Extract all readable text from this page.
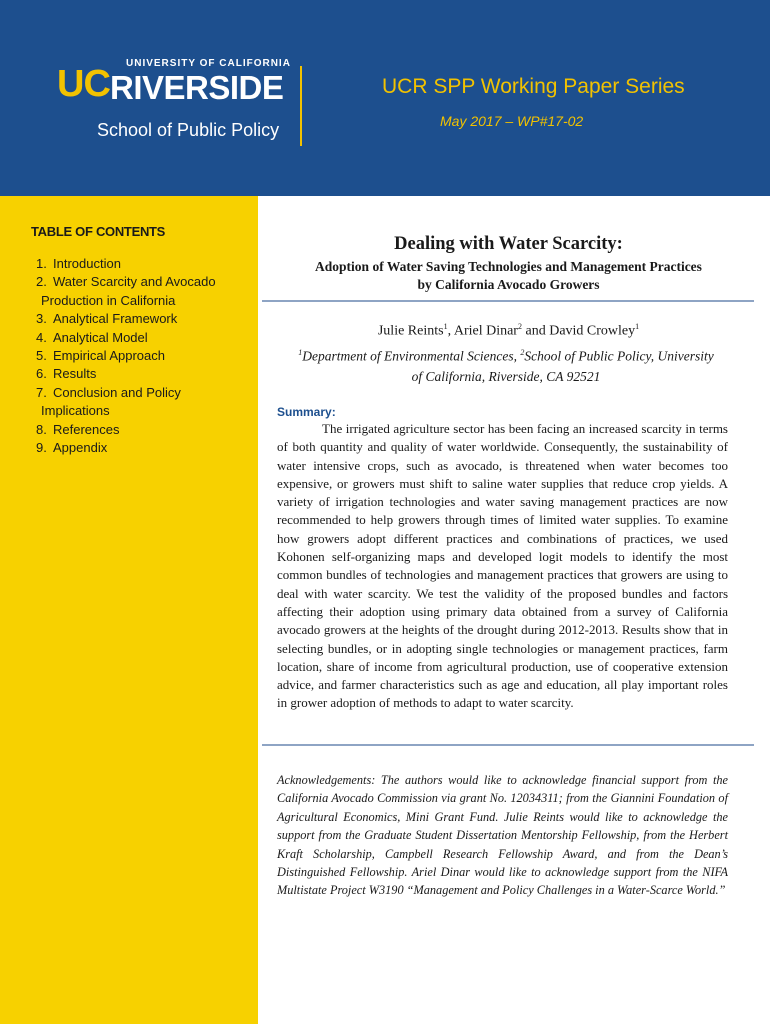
UNIVERSITY OF CALIFORNIA
UC RIVERSIDE
School of Public Policy
UCR SPP Working Paper Series
May 2017 – WP#17-02
TABLE OF CONTENTS
1. Introduction
2. Water Scarcity and Avocado
Production in California
3. Analytical Framework
4. Analytical Model
5. Empirical Approach
6. Results
7. Conclusion and Policy
Implications
8. References
9. Appendix
Dealing with Water Scarcity:
Adoption of Water Saving Technologies and Management Practices
by California Avocado Growers
Julie Reints$^1$, Ariel Dinar$^2$ and David Crowley$^1$
$^1$Department of Environmental Sciences, $^2$School of Public Policy, University of California, Riverside, CA 92521
Summary:

The irrigated agriculture sector has been facing an increased scarcity in terms of both quantity and quality of water worldwide. Consequently, the sustainability of water intensive crops, such as avocado, is threatened when water becomes too expensive, or growers must shift to saline water supplies that reduce crop yields. A variety of irrigation technologies and water saving management practices are now recommended to help growers through times of limited water supplies. To examine how growers adopt different practices and combinations of practices, we used Kohonen self-organizing maps and developed logit models to identify the most common bundles of technologies and management practices that growers are using to deal with water scarcity. We test the validity of the proposed bundles and factors affecting their adoption using primary data obtained from a survey of California avocado growers at the heights of the drought during 2012-2013. Results show that in selecting bundles, or in adopting single technologies or management practices, farm location, share of income from agricultural production, use of cooperative extension advice, and farmer characteristics such as age and education, all play important roles in grower adoption of methods to adapt to water scarcity.

Acknowledgements: The authors would like to acknowledge financial support from the California Avocado Commission via grant No. 12034311; from the Giannini Foundation of Agricultural Economics, Mini Grant Fund. Julie Reints would like to acknowledge the support from the Graduate Student Dissertation Mentorship Fellowship, from the Herbert Kraft Scholarship, Campbell Research Fellowship Award, and from the Dean’s Distinguished Fellowship. Ariel Dinar would like to acknowledge support from the NIFA Multistate Project W3190 “Management and Policy Challenges in a Water-Scarce World.”
